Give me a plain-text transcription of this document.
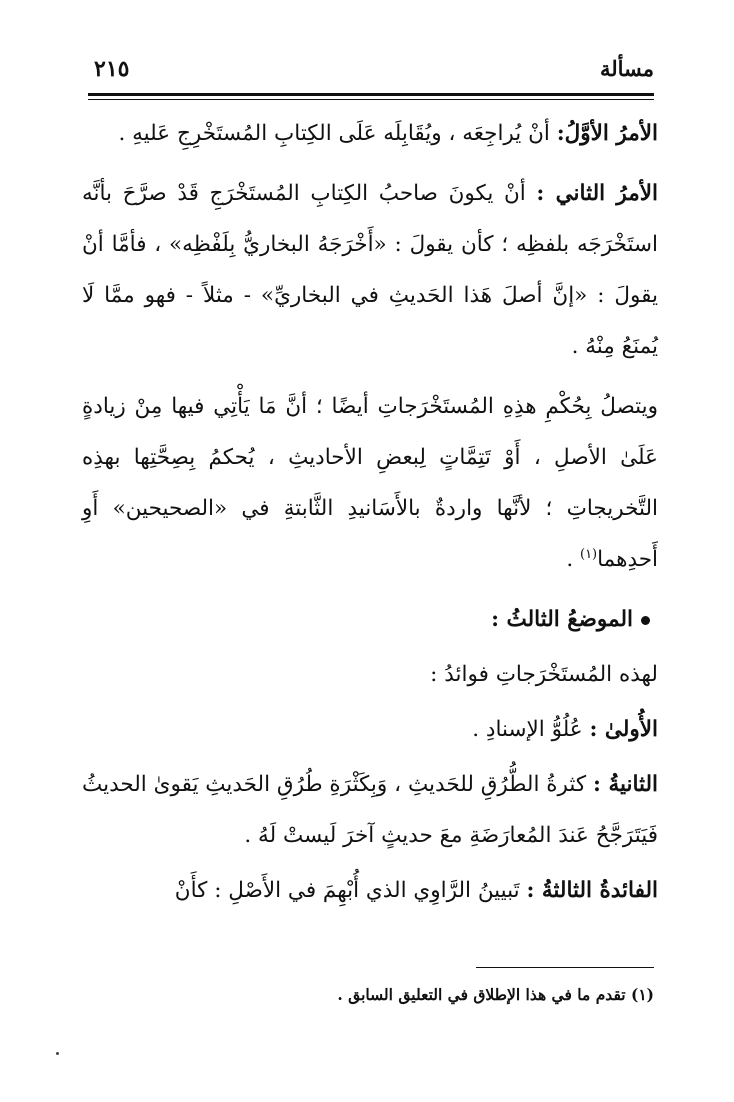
مسألة
٢١٥

الأمرُ الأوَّلُ: أنْ يُراجِعَه ، ويُقَابِلَه عَلَى الكِتابِ المُستَخْرِجِ عَليهِ .

الأمرُ الثاني : أنْ يكونَ صاحبُ الكِتابِ المُستَخْرَجِ قَدْ صرَّحَ بأنَّه استَخْرَجَه بلفظِه ؛ كأن يقولَ : «أَخْرَجَهُ البخاريُّ بِلَفْظِه» ، فأمَّا أنْ يقولَ : «إنَّ أصلَ هَذا الحَديثِ في البخاريِّ» - مثلاً - فهو ممَّا لَا يُمنَعُ مِنْهُ .

ويتصلُ بِحُكْمِ هذِهِ المُستَخْرَجاتِ أيضًا ؛ أنَّ مَا يَأْتِي فيها مِنْ زيادةٍ عَلَىٰ الأصلِ ، أَوْ تَتِمَّاتٍ لِبعضِ الأحاديثِ ، يُحكمُ بِصِحَّتِها بهذِه التَّخريجاتِ ؛ لأنَّها واردةٌ بالأَسَانيدِ الثَّابتةِ في «الصحيحين» أَوِ أَحدِهما$^{(١)}$ .

الموضعُ الثالثُ :

لهذه المُستَخْرَجاتِ فوائدُ :

الأُولىٰ : عُلُوُّ الإسنادِ .

الثانيةُ : كثرةُ الطُّرُقِ للحَديثِ ، وَبِكَثْرَةِ طُرُقِ الحَديثِ يَقوىٰ الحديثُ فَيَتَرَجَّحُ عَندَ المُعارَضَةِ معَ حديثٍ آخرَ لَيستْ لَهُ .

الفائدةُ الثالثةُ : تَبيينُ الرَّاوِي الذي أُبْهِمَ في الأَصْلِ : كأَنْ

(١) تقدم ما في هذا الإطلاق في التعليق السابق .
